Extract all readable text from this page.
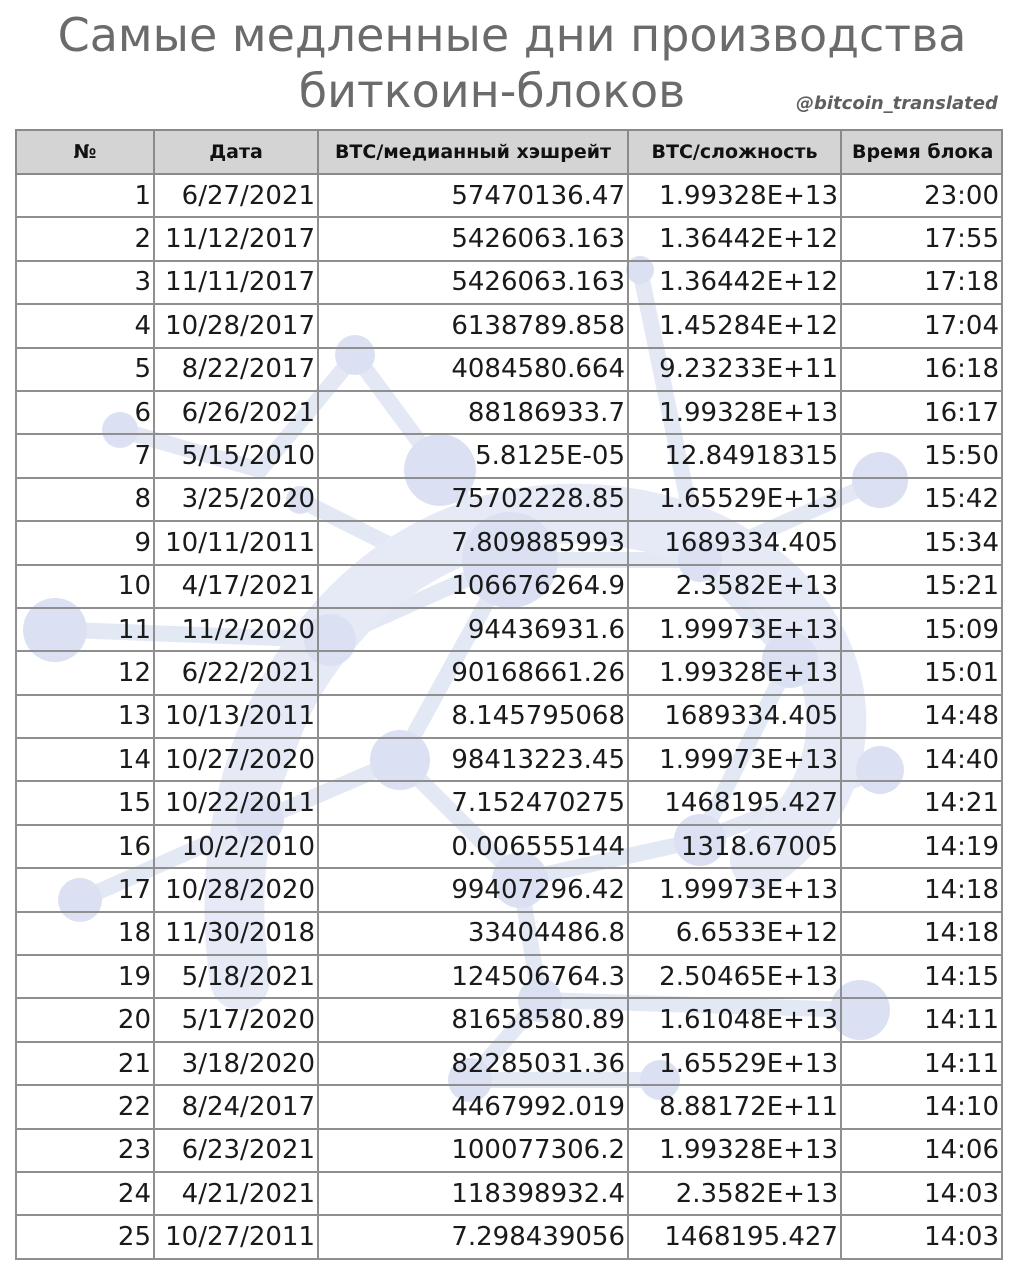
Самые медленные дни производства
биткоин-блоков	@bitcoin_translated
№	Дата	BTC/медианный хэшрейт	BTC/сложность	Время блока
1	6/27/2021	57470136.47	1.99328E+13	23:00
2	11/12/2017	5426063.163	1.36442E+12	17:55
3	11/11/2017	5426063.163	1.36442E+12	17:18
4	10/28/2017	6138789.858	1.45284E+12	17:04
5	8/22/2017	4084580.664	9.23233E+11	16:18
6	6/26/2021	88186933.7	1.99328E+13	16:17
7	5/15/2010	5.8125E-05	12.84918315	15:50
8	3/25/2020	75702228.85	1.65529E+13	15:42
9	10/11/2011	7.809885993	1689334.405	15:34
10	4/17/2021	106676264.9	2.3582E+13	15:21
11	11/2/2020	94436931.6	1.99973E+13	15:09
12	6/22/2021	90168661.26	1.99328E+13	15:01
13	10/13/2011	8.145795068	1689334.405	14:48
14	10/27/2020	98413223.45	1.99973E+13	14:40
15	10/22/2011	7.152470275	1468195.427	14:21
16	10/2/2010	0.006555144	1318.67005	14:19
17	10/28/2020	99407296.42	1.99973E+13	14:18
18	11/30/2018	33404486.8	6.6533E+12	14:18
19	5/18/2021	124506764.3	2.50465E+13	14:15
20	5/17/2020	81658580.89	1.61048E+13	14:11
21	3/18/2020	82285031.36	1.65529E+13	14:11
22	8/24/2017	4467992.019	8.88172E+11	14:10
23	6/23/2021	100077306.2	1.99328E+13	14:06
24	4/21/2021	118398932.4	2.3582E+13	14:03
25	10/27/2011	7.298439056	1468195.427	14:03
